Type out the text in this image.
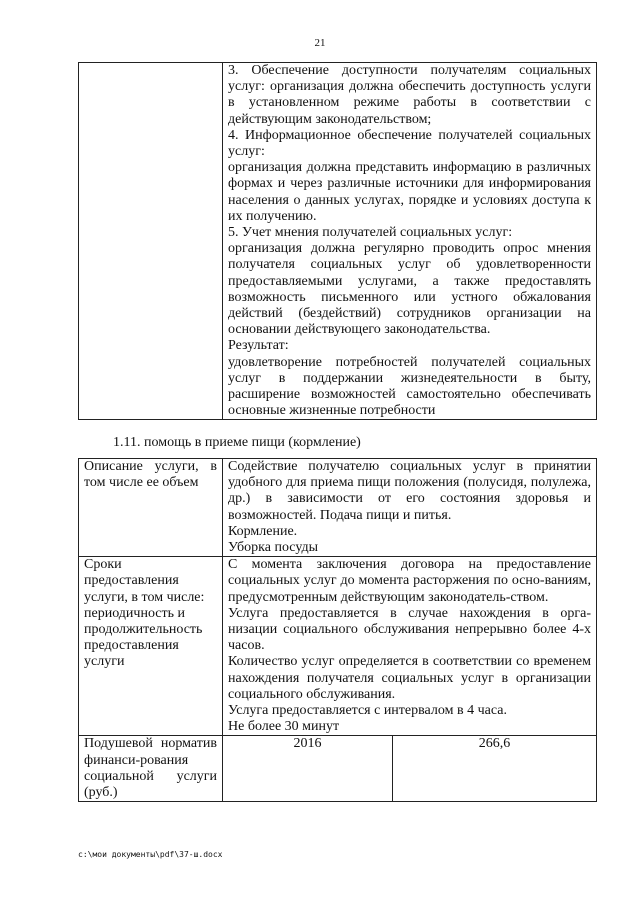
21

3. Обеспечение доступности получателям социальных услуг: организация должна обеспечить доступность услуги в установленном режиме работы в соответствии с действующим законодательством;
4. Информационное обеспечение получателей социальных услуг:
организация должна представить информацию в различных формах и через различные источники для информирования населения о данных услугах, порядке и условиях доступа к их получению.
5. Учет мнения получателей социальных услуг:
организация должна регулярно проводить опрос мнения получателя социальных услуг об удовлетворенности предоставляемыми услугами, а также предоставлять возможность письменного или устного обжалования действий (бездействий) сотрудников организации на основании действующего законодательства.
Результат:
удовлетворение потребностей получателей социальных услуг в поддержании жизнедеятельности в быту, расширение возможностей самостоятельно обеспечивать основные жизненные потребности
1.11. помощь в приеме пищи (кормление)
Описание услуги, в том числе ее объем	Содействие получателю социальных услуг в принятии удобного для приема пищи положения (полусидя, полулежа, др.) в зависимости от его состояния здоровья и возможностей. Подача пищи и питья.
Кормление.
Уборка посуды	

Сроки предоставления услуги, в том числе: периодичность и продолжительность предоставления услуги	С момента заключения договора на предоставление социальных услуг до момента расторжения по осно-ваниям, предусмотренным действующим законодатель-ством.
Услуга предоставляется в случае нахождения в орга-низации социального обслуживания непрерывно более 4-х часов.
Количество услуг определяется в соответствии со временем нахождения получателя социальных услуг в организации социального обслуживания.
Услуга предоставляется с интервалом в 4 часа.
Не более 30 минут	

Подушевой норматив финанси-рования социальной услуги (руб.)	2016	266,6
c:\мои документы\pdf\37-ш.docx
